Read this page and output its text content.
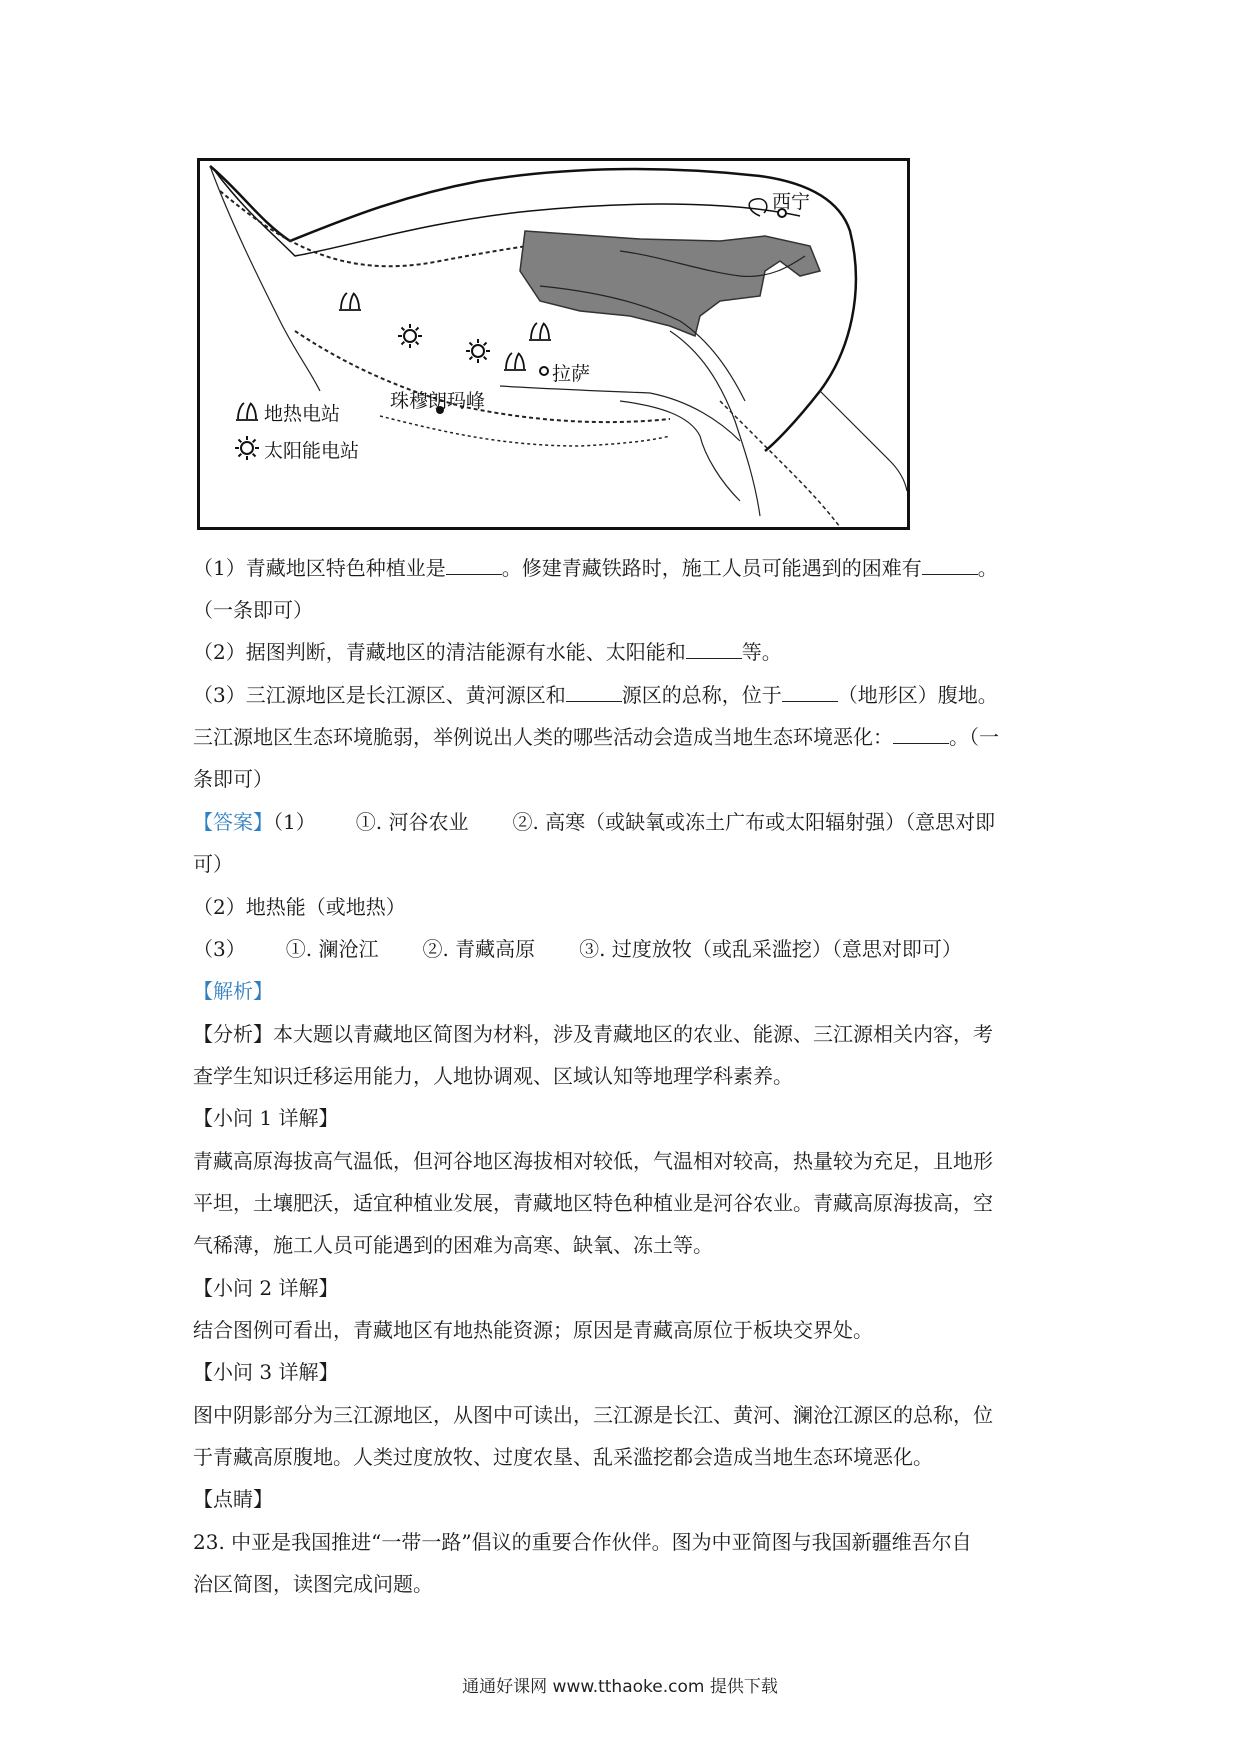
西宁
拉萨
珠穆朗玛峰
地热电站
太阳能电站
（1）青藏地区特色种植业是	。修建青藏铁路时，施工人员可能遇到的困难有	。
（一条即可）
（2）据图判断，青藏地区的清洁能源有水能、太阳能和	等。
（3）三江源地区是长江源区、黄河源区和	源区的总称，位于	（地形区）腹地。
三江源地区生态环境脆弱，举例说出人类的哪些活动会造成当地生态环境恶化：	。（一
条即可）
【答案】（1） ①. 河谷农业 ②. 高寒（或缺氧或冻土广布或太阳辐射强）（意思对即
可）
（2）地热能（或地热）
（3） ①. 澜沧江 ②. 青藏高原 ③. 过度放牧（或乱采滥挖）（意思对即可）
【解析】
【分析】本大题以青藏地区简图为材料，涉及青藏地区的农业、能源、三江源相关内容，考
查学生知识迁移运用能力，人地协调观、区域认知等地理学科素养。
【小问 1 详解】
青藏高原海拔高气温低，但河谷地区海拔相对较低，气温相对较高，热量较为充足，且地形
平坦，土壤肥沃，适宜种植业发展，青藏地区特色种植业是河谷农业。青藏高原海拔高，空
气稀薄，施工人员可能遇到的困难为高寒、缺氧、冻土等。
【小问 2 详解】
结合图例可看出，青藏地区有地热能资源；原因是青藏高原位于板块交界处。
【小问 3 详解】
图中阴影部分为三江源地区，从图中可读出，三江源是长江、黄河、澜沧江源区的总称，位
于青藏高原腹地。人类过度放牧、过度农垦、乱采滥挖都会造成当地生态环境恶化。
【点睛】
23. 中亚是我国推进“一带一路”倡议的重要合作伙伴。图为中亚简图与我国新疆维吾尔自
治区简图，读图完成问题。
通通好课网 www.tthaoke.com 提供下载
